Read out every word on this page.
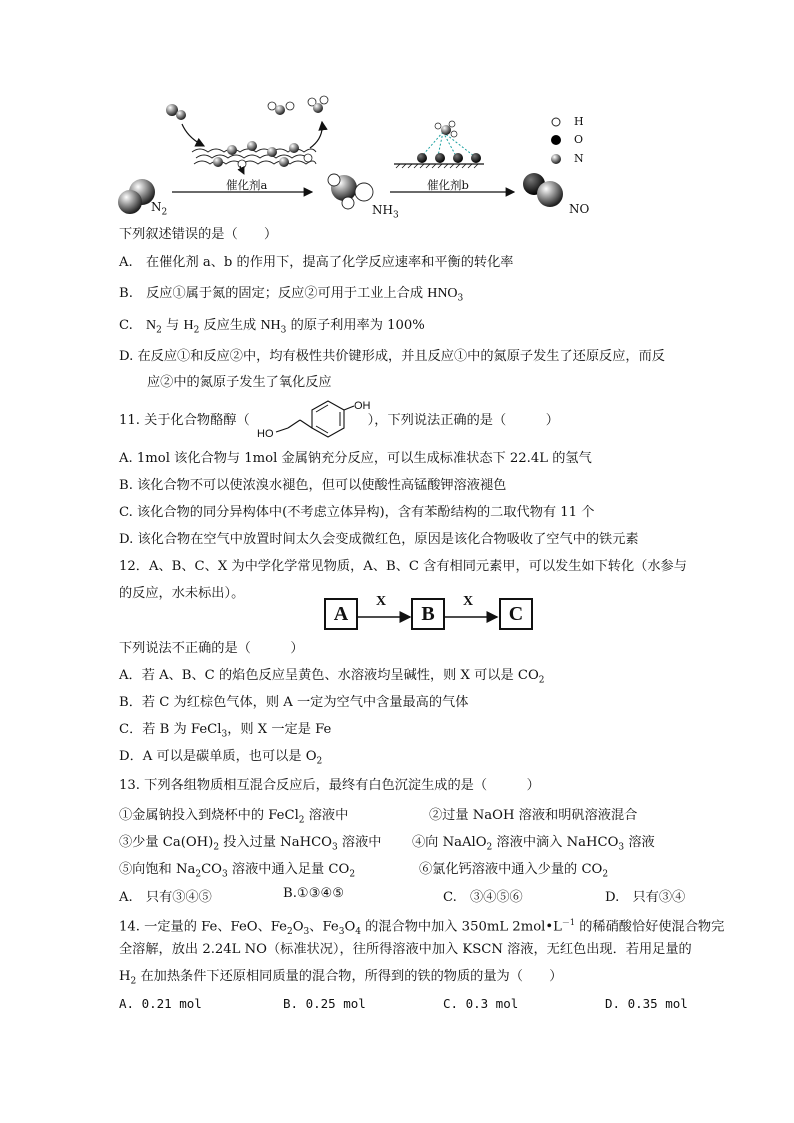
$N_2$
催化剂a
$NH_3$
催化剂b
NO
H
O
N
下列叙述错误的是（　　）
A.　在催化剂 a、b 的作用下，提高了化学反应速率和平衡的转化率
B.　反应①属于氮的固定；反应②可用于工业上合成 $HNO_3$
C.　$N_2$ 与 $H_2$ 反应生成 $NH_3$ 的原子利用率为 100%
D. 在反应①和反应②中，均有极性共价键形成，并且反应①中的氮原子发生了还原反应，而反
应②中的氮原子发生了氧化反应
11. 关于化合物酪醇（	），下列说法正确的是（　　　）
HO
OH
A. 1mol 该化合物与 1mol 金属钠充分反应，可以生成标准状态下 22.4L 的氢气
B. 该化合物不可以使浓溴水褪色，但可以使酸性高锰酸钾溶液褪色
C. 该化合物的同分异构体中(不考虑立体异构)，含有苯酚结构的二取代物有 11 个
D. 该化合物在空气中放置时间太久会变成微红色，原因是该化合物吸收了空气中的铁元素
12．A、B、C、X 为中学化学常见物质，A、B、C 含有相同元素甲，可以发生如下转化（水参与
的反应，水未标出）。
A	B	C
X	X
下列说法不正确的是（　　　）
A．若 A、B、C 的焰色反应呈黄色、水溶液均呈碱性，则 X 可以是 $CO_2$
B．若 C 为红棕色气体，则 A 一定为空气中含量最高的气体
C．若 B 为 FeCl$_3$，则 X 一定是 Fe
D．A 可以是碳单质，也可以是 $O_2$
13. 下列各组物质相互混合反应后，最终有白色沉淀生成的是（　　　）
①金属钠投入到烧杯中的 FeCl$_2$ 溶液中	②过量 NaOH 溶液和明矾溶液混合
③少量 $Ca(OH)_2$ 投入过量 NaHCO$_3$ 溶液中 ④向 NaAlO$_2$ 溶液中滴入 NaHCO$_3$ 溶液
⑤向饱和 $Na_2CO_3$ 溶液中通入足量 $CO_2$	⑥氯化钙溶液中通入少量的 $CO_2$
A.　只有③④⑤	B.①③④⑤	C.　③④⑤⑥	D.　只有③④
14. 一定量的 Fe、FeO、$Fe_2O_3$、$Fe_3O_4$ 的混合物中加入 350mL $2mol•L^{-1}$ 的稀硝酸恰好使混合物完
全溶解，放出 2.24L NO（标准状况），往所得溶液中加入 KSCN 溶液，无红色出现．若用足量的
$H_2$ 在加热条件下还原相同质量的混合物，所得到的铁的物质的量为（　　）
A. 0.21 mol	B. 0.25 mol	C. 0.3 mol	D. 0.35 mol
